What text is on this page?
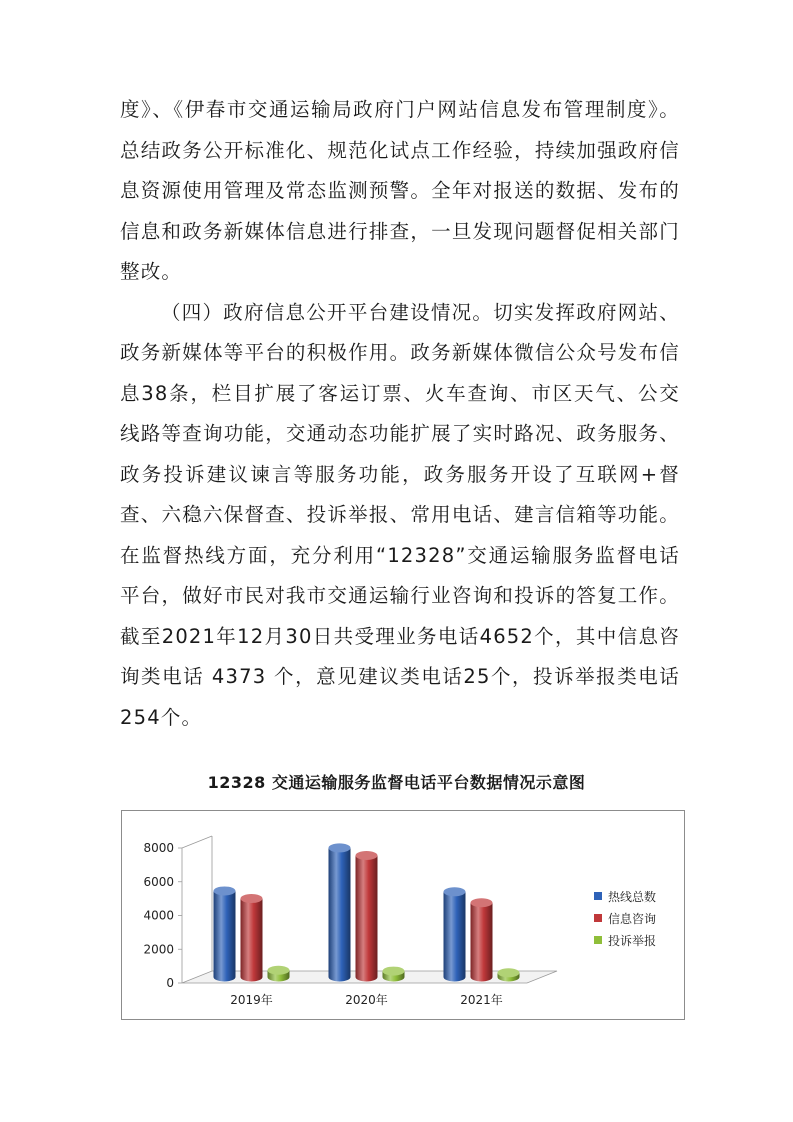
度》、《伊春市交通运输局政府门户网站信息发布管理制度》。总结政务公开标准化、规范化试点工作经验，持续加强政府信息资源使用管理及常态监测预警。全年对报送的数据、发布的信息和政务新媒体信息进行排查，一旦发现问题督促相关部门整改。

（四）政府信息公开平台建设情况。切实发挥政府网站、政务新媒体等平台的积极作用。政务新媒体微信公众号发布信息38条，栏目扩展了客运订票、火车查询、市区天气、公交线路等查询功能，交通动态功能扩展了实时路况、政务服务、政务投诉建议谏言等服务功能，政务服务开设了互联网+督查、六稳六保督查、投诉举报、常用电话、建言信箱等功能。在监督热线方面，充分利用“12328”交通运输服务监督电话平台，做好市民对我市交通运输行业咨询和投诉的答复工作。截至2021年12月30日共受理业务电话4652个，其中信息咨询类电话 4373 个，意见建议类电话25个，投诉举报类电话 254个。

12328 交通运输服务监督电话平台数据情况示意图
0
2000
4000
6000
8000
2019年	2020年	2021年
热线总数
信息咨询
投诉举报
